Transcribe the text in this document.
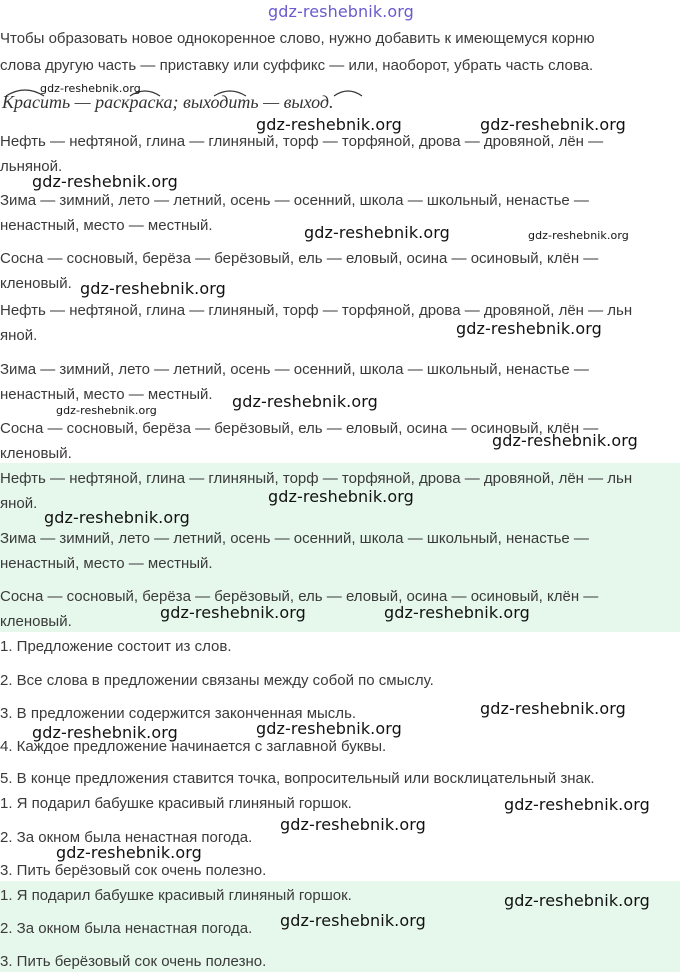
gdz-reshebnik.org
Чтобы образовать новое однокоренное слово, нужно добавить к имеющемуся корню
слова другую часть — приставку или суффикс — или, наоборот, убрать часть слова.
Красить — раскраска; выходить — выход.
gdz-reshebnik.org
Нефть — нефтяной, глина — глиняный, торф — торфяной, дрова — дровяной, лён —
льняной.
Зима — зимний, лето — летний, осень — осенний, школа — школьный, ненастье —
ненастный, место — местный.
Сосна — сосновый, берёза — берёзовый, ель — еловый, осина — осиновый, клён —
кленовый.
Нефть — нефтяной, глина — глиняный, торф — торфяной, дрова — дровяной, лён — льн
яной.
Зима — зимний, лето — летний, осень — осенний, школа — школьный, ненастье —
ненастный, место — местный.
Сосна — сосновый, берёза — берёзовый, ель — еловый, осина — осиновый, клён —
кленовый.
Нефть — нефтяной, глина — глиняный, торф — торфяной, дрова — дровяной, лён — льн
яной.
Зима — зимний, лето — летний, осень — осенний, школа — школьный, ненастье —
ненастный, место — местный.
Сосна — сосновый, берёза — берёзовый, ель — еловый, осина — осиновый, клён —
кленовый.
1. Предложение состоит из слов.
2. Все слова в предложении связаны между собой по смыслу.
3. В предложении содержится законченная мысль.
4. Каждое предложение начинается с заглавной буквы.
5. В конце предложения ставится точка, вопросительный или восклицательный знак.
1. Я подарил бабушке красивый глиняный горшок.
2. За окном была ненастная погода.
3. Пить берёзовый сок очень полезно.
1. Я подарил бабушке красивый глиняный горшок.
2. За окном была ненастная погода.
3. Пить берёзовый сок очень полезно.
gdz-reshebnik.org	gdz-reshebnik.org
gdz-reshebnik.org
gdz-reshebnik.org	gdz-reshebnik.org
gdz-reshebnik.org
gdz-reshebnik.org
gdz-reshebnik.org
gdz-reshebnik.org
gdz-reshebnik.org
gdz-reshebnik.org
gdz-reshebnik.org
gdz-reshebnik.org	gdz-reshebnik.org
gdz-reshebnik.org
gdz-reshebnik.org
gdz-reshebnik.org
gdz-reshebnik.org
gdz-reshebnik.org
gdz-reshebnik.org
gdz-reshebnik.org
gdz-reshebnik.org
